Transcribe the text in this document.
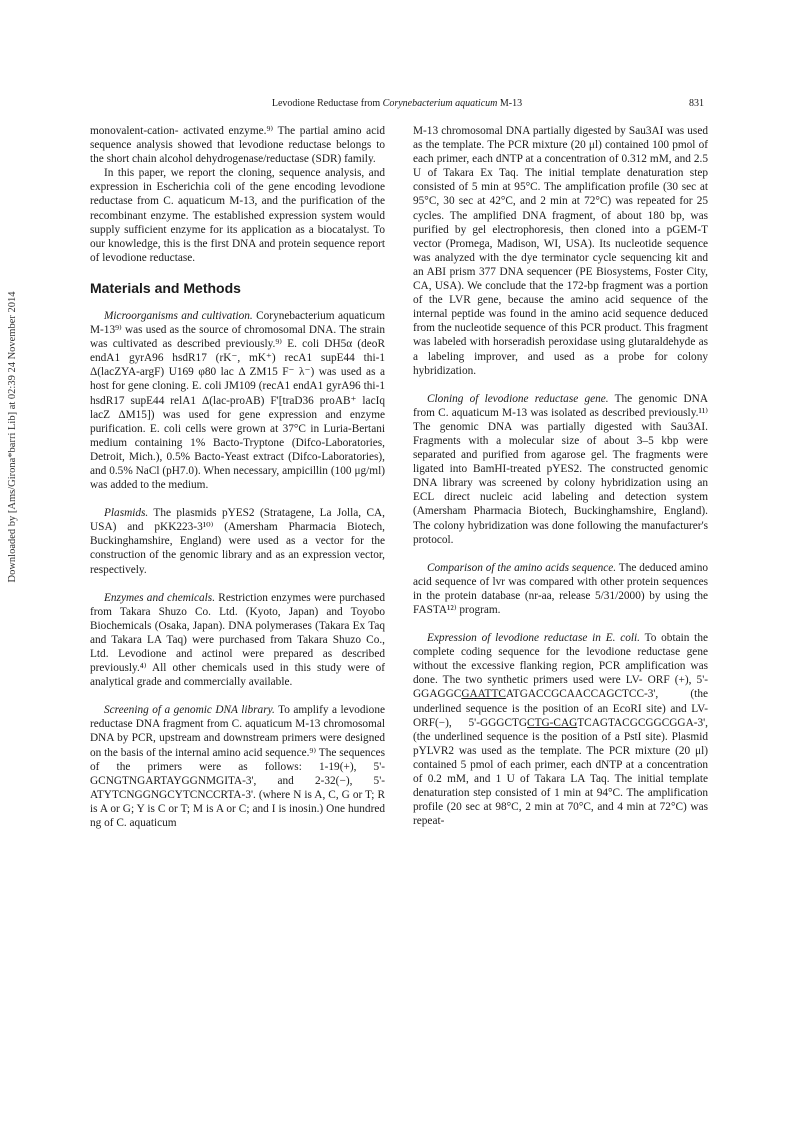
Downloaded by [Ams/Girona*barri Lib] at 02:39 24 November 2014
Levodione Reductase from Corynebacterium aquaticum M-13	831

monovalent-cation- activated enzyme.⁹⁾ The partial amino acid sequence analysis showed that levodione reductase belongs to the short chain alcohol dehydrogenase/reductase (SDR) family.

In this paper, we report the cloning, sequence analysis, and expression in Escherichia coli of the gene encoding levodione reductase from C. aquaticum M-13, and the purification of the recombinant enzyme. The established expression system would supply sufficient enzyme for its application as a biocatalyst. To our knowledge, this is the first DNA and protein sequence report of levodione reductase.

Materials and Methods

Microorganisms and cultivation. Corynebacterium aquaticum M-13⁹⁾ was used as the source of chromosomal DNA. The strain was cultivated as described previously.⁹⁾ E. coli DH5α (deoR endA1 gyrA96 hsdR17 (rK⁻, mK⁺) recA1 supE44 thi-1 Δ(lacZYA-argF) U169 φ80 lac Δ ZM15 F⁻ λ⁻) was used as a host for gene cloning. E. coli JM109 (recA1 endA1 gyrA96 thi-1 hsdR17 supE44 relA1 Δ(lac-proAB) F'[traD36 proAB⁺ lacIq lacZ ΔM15]) was used for gene expression and enzyme purification. E. coli cells were grown at 37°C in Luria-Bertani medium containing 1% Bacto-Tryptone (Difco-Laboratories, Detroit, Mich.), 0.5% Bacto-Yeast extract (Difco-Laboratories), and 0.5% NaCl (pH7.0). When necessary, ampicillin (100 μg/ml) was added to the medium.

Plasmids. The plasmids pYES2 (Stratagene, La Jolla, CA, USA) and pKK223-3¹⁰⁾ (Amersham Pharmacia Biotech, Buckinghamshire, England) were used as a vector for the construction of the genomic library and as an expression vector, respectively.

Enzymes and chemicals. Restriction enzymes were purchased from Takara Shuzo Co. Ltd. (Kyoto, Japan) and Toyobo Biochemicals (Osaka, Japan). DNA polymerases (Takara Ex Taq and Takara LA Taq) were purchased from Takara Shuzo Co., Ltd. Levodione and actinol were prepared as described previously.⁴⁾ All other chemicals used in this study were of analytical grade and commercially available.

Screening of a genomic DNA library. To amplify a levodione reductase DNA fragment from C. aquaticum M-13 chromosomal DNA by PCR, upstream and downstream primers were designed on the basis of the internal amino acid sequence.⁹⁾ The sequences of the primers were as follows: 1-19(+), 5'-GCNGTNGARTAYGGNMGITA-3', and 2-32(−), 5'-ATYTCNGGNGCYTCNCCRTA-3'. (where N is A, C, G or T; R is A or G; Y is C or T; M is A or C; and I is inosin.) One hundred ng of C. aquaticum

M-13 chromosomal DNA partially digested by Sau3AI was used as the template. The PCR mixture (20 μl) contained 100 pmol of each primer, each dNTP at a concentration of 0.312 mM, and 2.5 U of Takara Ex Taq. The initial template denaturation step consisted of 5 min at 95°C. The amplification profile (30 sec at 95°C, 30 sec at 42°C, and 2 min at 72°C) was repeated for 25 cycles. The amplified DNA fragment, of about 180 bp, was purified by gel electrophoresis, then cloned into a pGEM-T vector (Promega, Madison, WI, USA). Its nucleotide sequence was analyzed with the dye terminator cycle sequencing kit and an ABI prism 377 DNA sequencer (PE Biosystems, Foster City, CA, USA). We conclude that the 172-bp fragment was a portion of the LVR gene, because the amino acid sequence of the internal peptide was found in the amino acid sequence deduced from the nucleotide sequence of this PCR product. This fragment was labeled with horseradish peroxidase using glutaraldehyde as a labeling improver, and used as a probe for colony hybridization.

Cloning of levodione reductase gene. The genomic DNA from C. aquaticum M-13 was isolated as described previously.¹¹⁾ The genomic DNA was partially digested with Sau3AI. Fragments with a molecular size of about 3–5 kbp were separated and purified from agarose gel. The fragments were ligated into BamHI-treated pYES2. The constructed genomic DNA library was screened by colony hybridization using an ECL direct nucleic acid labeling and detection system (Amersham Pharmacia Biotech, Buckinghamshire, England). The colony hybridization was done following the manufacturer's protocol.

Comparison of the amino acids sequence. The deduced amino acid sequence of lvr was compared with other protein sequences in the protein database (nr-aa, release 5/31/2000) by using the FASTA¹²⁾ program.

Expression of levodione reductase in E. coli. To obtain the complete coding sequence for the levodione reductase gene without the excessive flanking region, PCR amplification was done. The two synthetic primers used were LV- ORF (+), 5'-GGAGGCGAATTCATGACCGCAACCAGCTCC-3', (the underlined sequence is the position of an EcoRI site) and LV- ORF(−), 5'-GGGCTGCTG-CAGTCAGTACGCGGCGGA-3', (the underlined sequence is the position of a PstI site). Plasmid pYLVR2 was used as the template. The PCR mixture (20 μl) contained 5 pmol of each primer, each dNTP at a concentration of 0.2 mM, and 1 U of Takara LA Taq. The initial template denaturation step consisted of 1 min at 94°C. The amplification profile (20 sec at 98°C, 2 min at 70°C, and 4 min at 72°C) was repeat-
